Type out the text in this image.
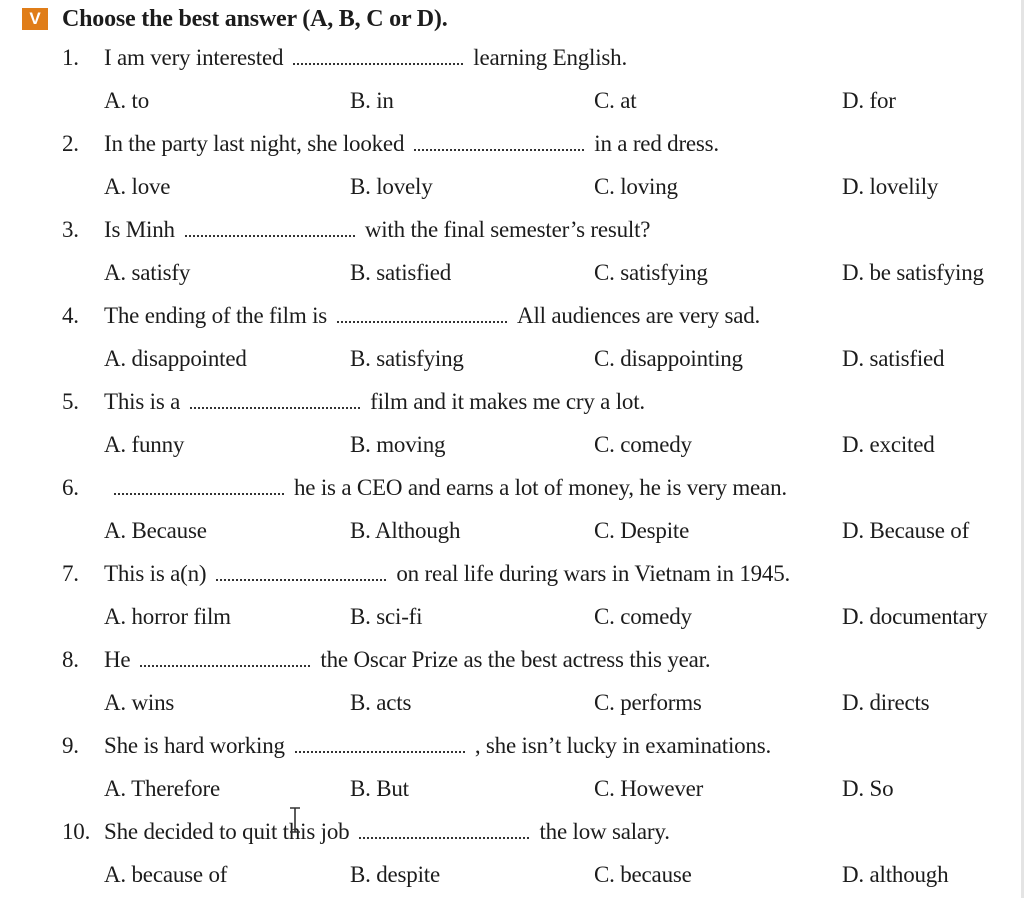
V Choose the best answer (A, B, C or D).
1. I am very interested	learning English.
A. to	B. in	C. at	D. for
2. In the party last night, she looked	in a red dress.
A. love	B. lovely	C. loving	D. lovelily
3. Is Minh	with the final semester’s result?
A. satisfy	B. satisfied	C. satisfying	D. be satisfying
4. The ending of the film is	All audiences are very sad.
A. disappointed	B. satisfying	C. disappointing	D. satisfied
5. This is a	film and it makes me cry a lot.
A. funny	B. moving	C. comedy	D. excited
6.	he is a CEO and earns a lot of money, he is very mean.
A. Because	B. Although	C. Despite	D. Because of
7. This is a(n)	on real life during wars in Vietnam in 1945.
A. horror film	B. sci-fi	C. comedy	D. documentary
8. He	the Oscar Prize as the best actress this year.
A. wins	B. acts	C. performs	D. directs
9. She is hard working	, she isn’t lucky in examinations.
A. Therefore	B. But	C. However	D. So
10. She decided to quit this job	the low salary.
A. because of	B. despite	C. because	D. although
